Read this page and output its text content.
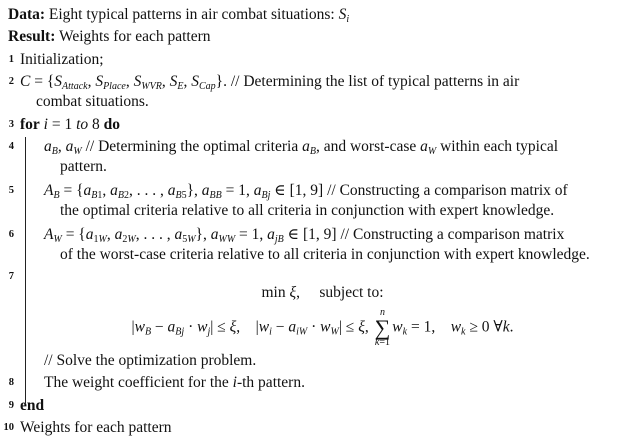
Data: Eight typical patterns in air combat situations: $S_i$
Result: Weights for each pattern
1 Initialization;
2 $C = \{S_{Attack}$, $S_{Place}$, $S_{WVR}$, $S_E$, $S_{Cap}$}. // Determining the list of typical patterns in air
combat situations.
3 for i = 1 to 8 do
4 $a_B$, $a_W$ // Determining the optimal criteria $a_B$, and worst-case $a_W$ within each typical
pattern.
5 $A_B = \{a_{B1}$, $a_{B2}$, . . . , $a_{B5}$}, $a_{BB} = 1$, $a_{Bj}$ ∈ [1, 9] // Constructing a comparison matrix of
the optimal criteria relative to all criteria in conjunction with expert knowledge.
6 $A_W = \{a_{1W}$, $a_{2W}$, . . . , $a_{5W}$}, $a_{WW} = 1$, $a_{jB}$ ∈ [1, 9] // Constructing a comparison matrix
of the worst-case criteria relative to all criteria in conjunction with expert knowledge.
7
min ξ,     subject to:
$|w_B - a_{Bj} \cdot w_j| \le \xi$,    $|w_i - a_{iW} \cdot w_W| \le \xi$,
n
∑
k=1
$w_k = 1$,    $w_k \ge 0$ ∀k.
// Solve the optimization problem.
8 The weight coefficient for the i-th pattern.
9 end
10 Weights for each pattern
